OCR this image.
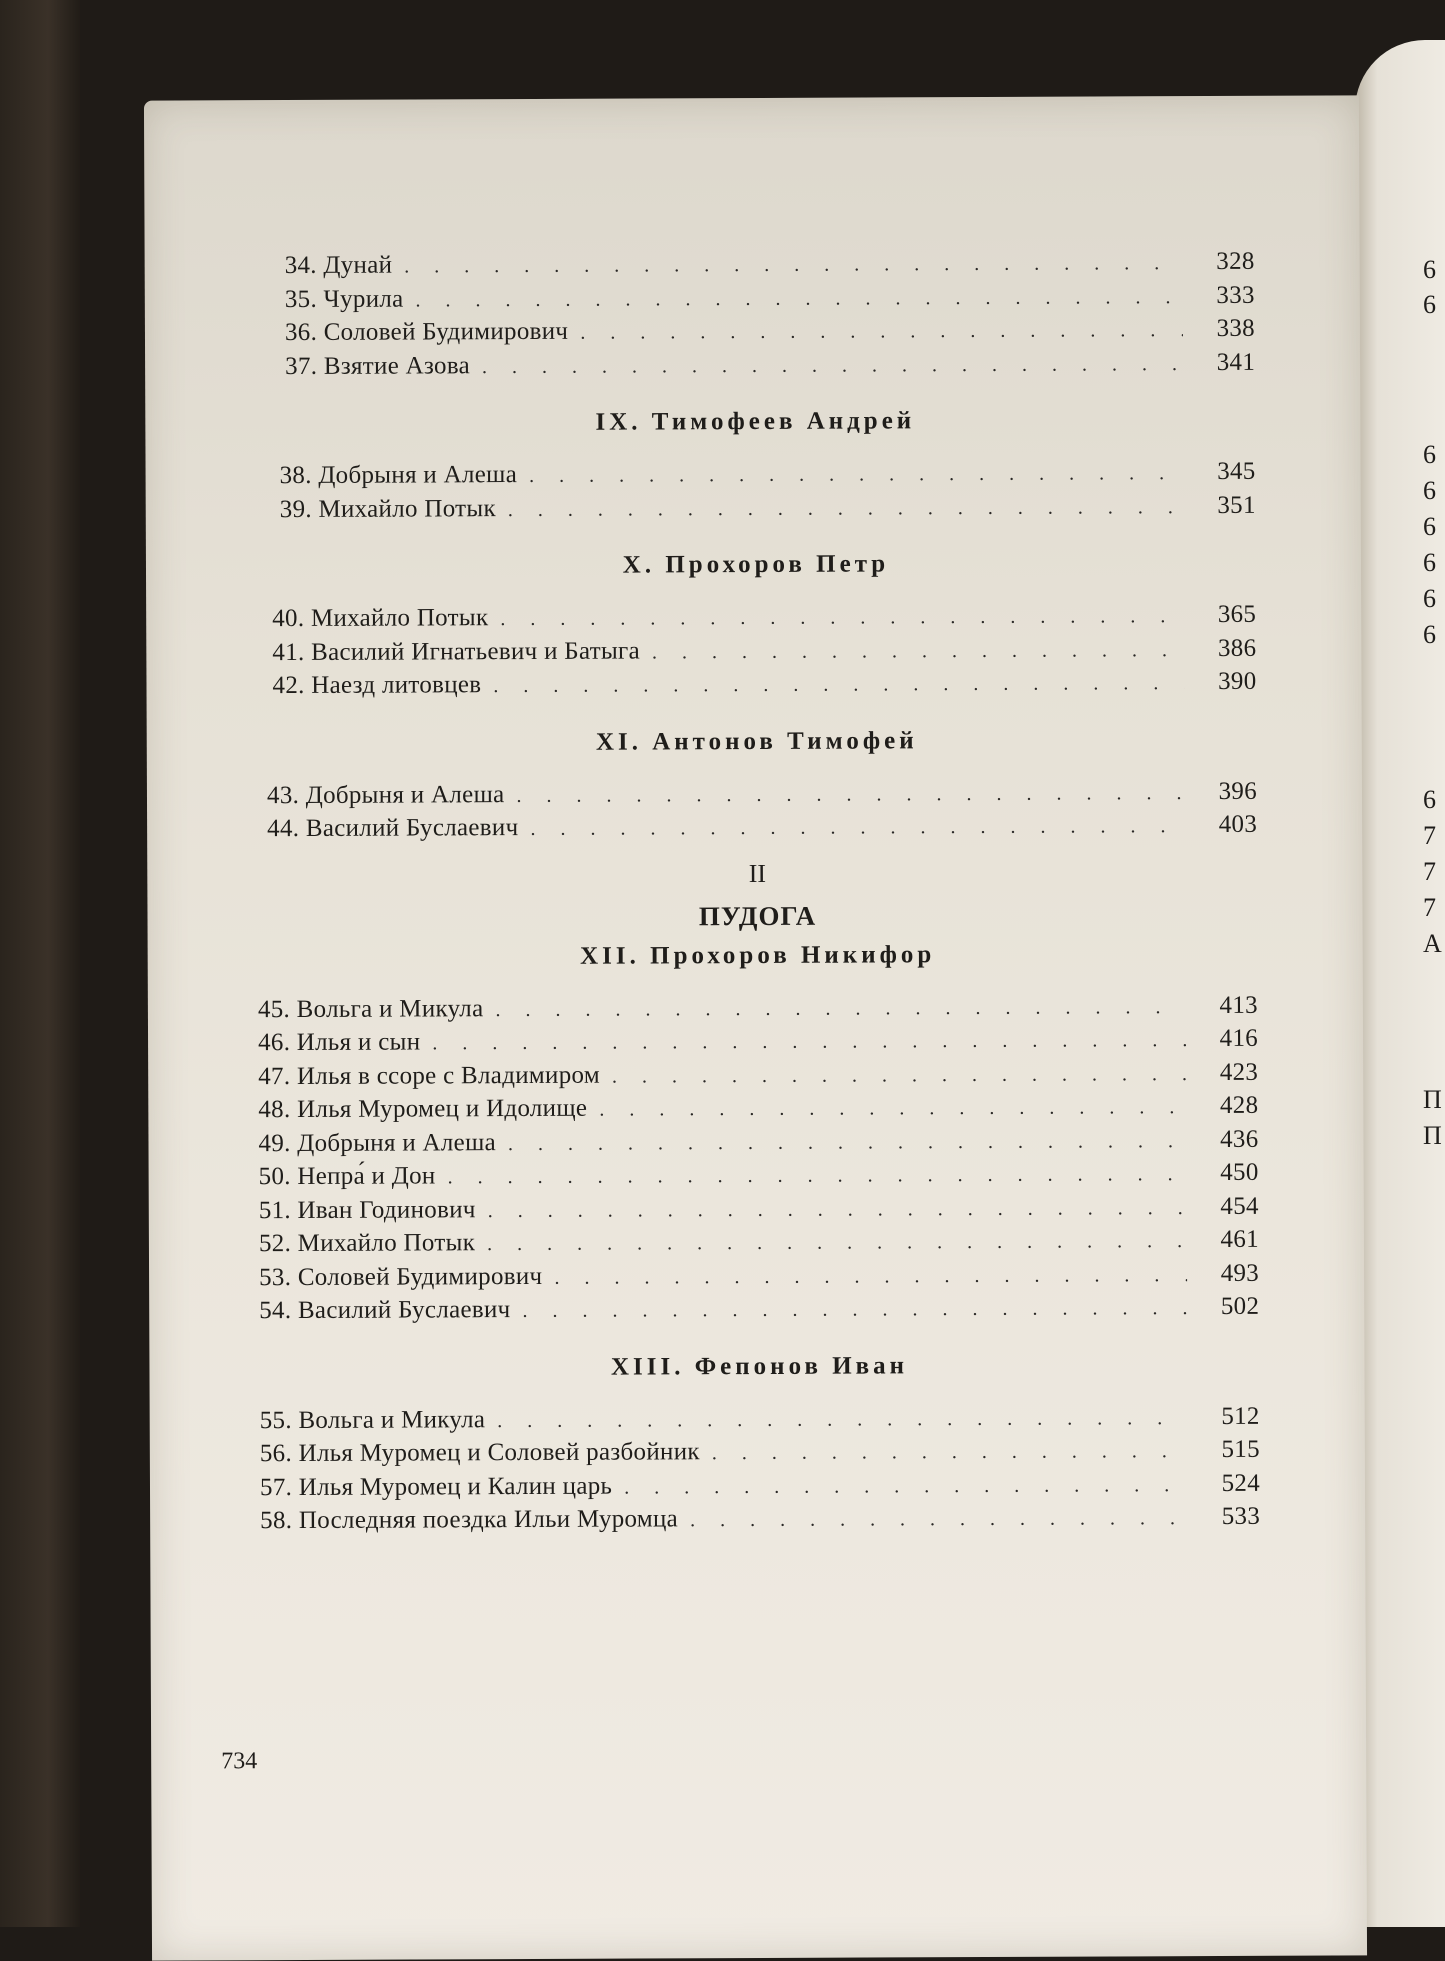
6
6
6
6
6
6
6
6
6
7
7
7
А
П
П
34. Дунай . . .	328
35. Чурила . . .	333
36. Соловей Будимирович . . .	338
37. Взятие Азова . . .	341
IX. Тимофеев Андрей
38. Добрыня и Алеша . . .	345
39. Михайло Потык . . .	351
X. Прохоров Петр
40. Михайло Потык . . .	365
41. Василий Игнатьевич и Батыга . . .	386
42. Наезд литовцев . . .	390
XI. Антонов Тимофей
43. Добрыня и Алеша . . .	396
44. Василий Буслаевич . . .	403
II
ПУДОГА
XII. Прохоров Никифор
45. Вольга и Микула . . .	413
46. Илья и сын . . .	416
47. Илья в ссоре с Владимиром . . .	423
48. Илья Муромец и Идолище . . .	428
49. Добрыня и Алеша . . .	436
50. Непра́ и Дон . . .	450
51. Иван Годинович . . .	454
52. Михайло Потык . . .	461
53. Соловей Будимирович . . .	493
54. Василий Буслаевич . . .	502
XIII. Фепонов Иван
55. Вольга и Микула . . .	512
56. Илья Муромец и Соловей разбойник . . .	515
57. Илья Муромец и Калин царь . . .	524
58. Последняя поездка Ильи Муромца . . .	533
734
